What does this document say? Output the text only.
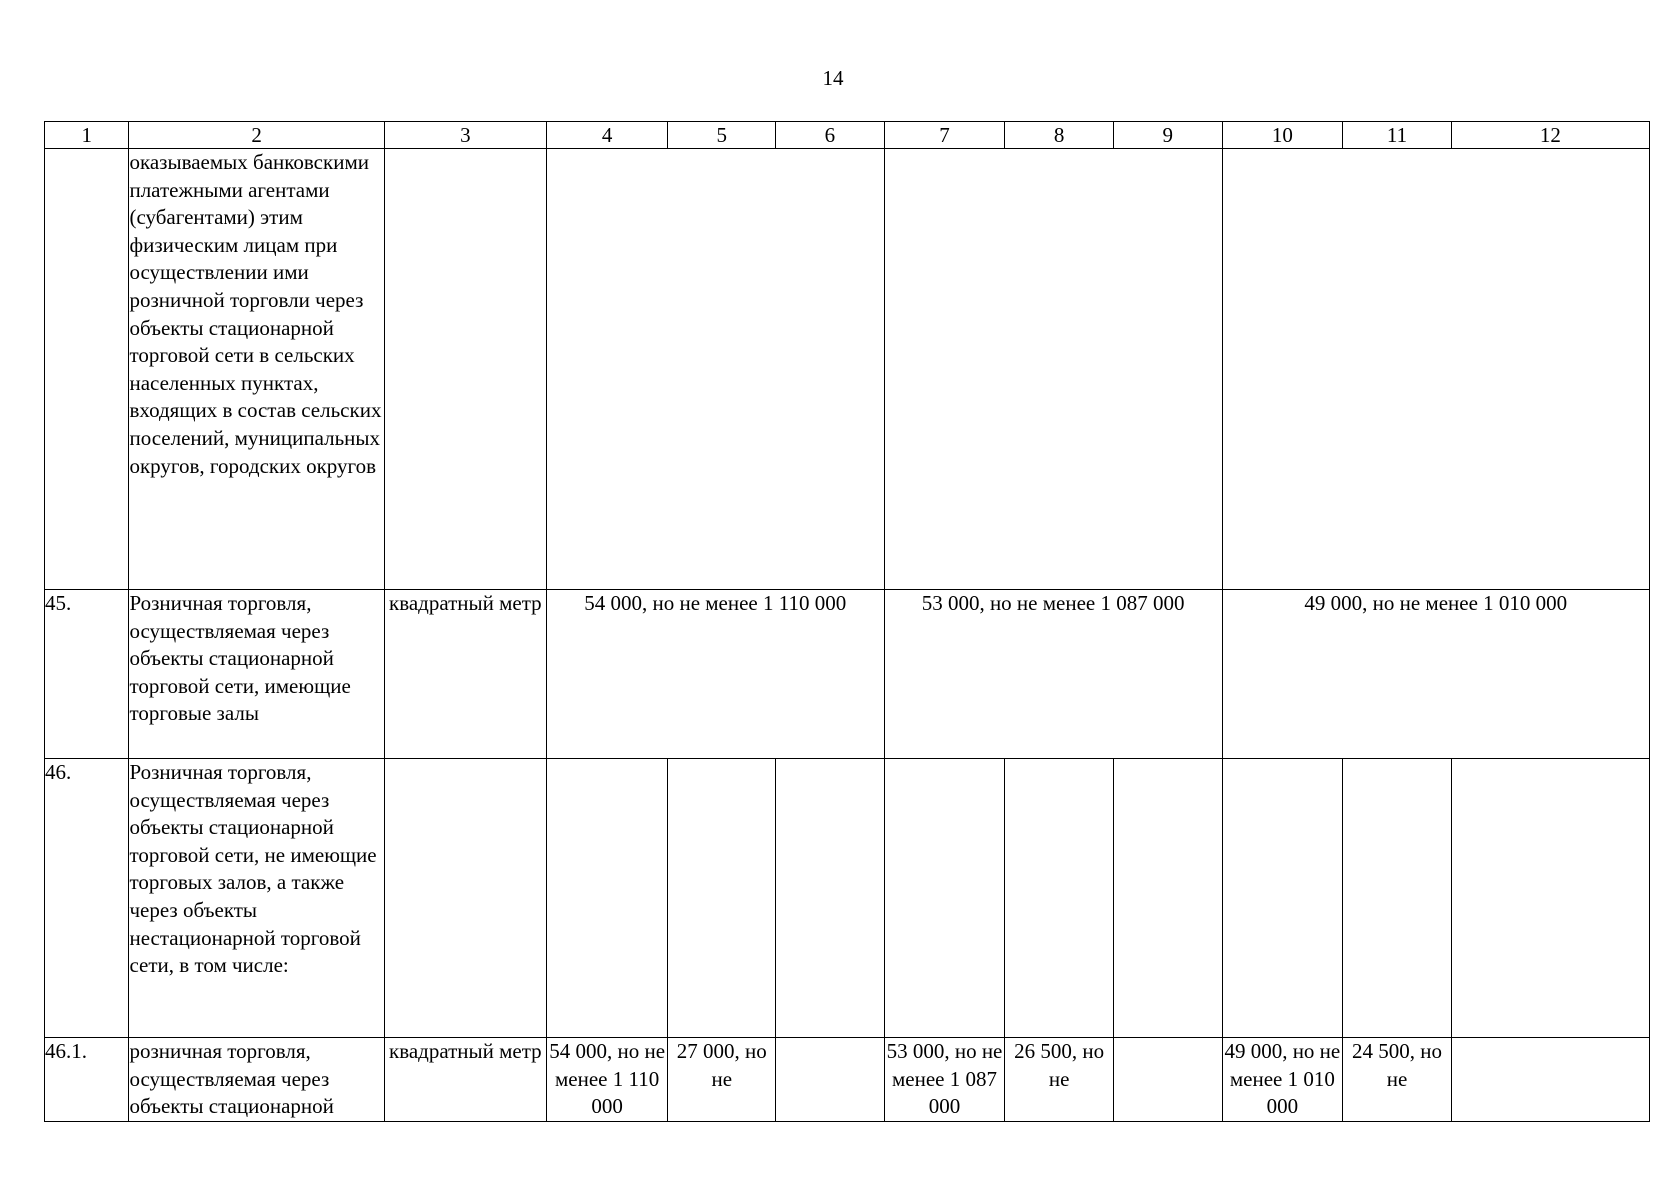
14
1	2	3	4	5	6	7	8	9	10	11	12
	оказываемых банковскими платежными агентами (субагентами) этим физическим лицам при осуществлении ими розничной торговли через объекты стационарной торговой сети в сельских населенных пунктах, входящих в состав сельских поселений, муниципальных округов, городских округов										
45.	Розничная торговля, осуществляемая через объекты стационарной торговой сети, имеющие торговые залы	квадратный метр	54 000, но не менее 1 110 000			53 000, но не менее 1 087 000			49 000, но не менее 1 010 000		
46.	Розничная торговля, осуществляемая через объекты стационарной торговой сети, не имеющие торговых залов, а также через объекты нестационарной торговой сети, в том числе:										
46.1.	розничная торговля, осуществляемая через объекты стационарной	квадратный метр	54 000, но не менее 1 110 000	27 000, но не		53 000, но не менее 1 087 000	26 500, но не		49 000, но не менее 1 010 000	24 500, но не	
